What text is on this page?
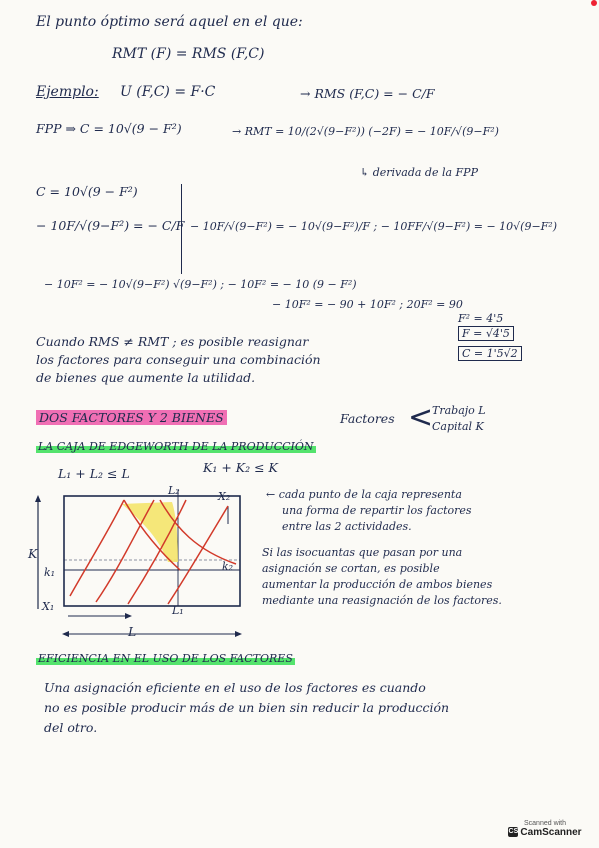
El punto óptimo será aquel en el que:
RMT (F) = RMS (F,C)
Ejemplo: U (F,C) = F·C	→ RMS (F,C) = − C/F
FPP ⇒ C = 10√(9 − F²)	→ RMT = 10/(2√(9−F²)) (−2F) = − 10F/√(9−F²)
↳ derivada de la FPP
C = 10√(9 − F²)
− 10F/√(9−F²) = − C/F − 10F/√(9−F²) = − 10√(9−F²)/F ; − 10FF/√(9−F²) = − 10√(9−F²)
− 10F² = − 10√(9−F²) √(9−F²) ; − 10F² = − 10 (9 − F²)
− 10F² = − 90 + 10F² ; 20F² = 90
F² = 4'5
F = √4'5
C = 1'5√2
Cuando RMS ≠ RMT ; es posible reasignar
los factores para conseguir una combinación
de bienes que aumente la utilidad.
DOS FACTORES Y 2 BIENES	Factores <
Trabajo L
Capital K
LA CAJA DE EDGEWORTH DE LA PRODUCCIÓN
L₁ + L₂ ≤ L	K₁ + K₂ ≤ K
L₂	X₂
K
k₁	k₂
X₁	L₁
L
← cada punto de la caja representa
una forma de repartir los factores
entre las 2 actividades.
Si las isocuantas que pasan por una
asignación se cortan, es posible
aumentar la producción de ambos bienes
mediante una reasignación de los factores.
EFICIENCIA EN EL USO DE LOS FACTORES
Una asignación eficiente en el uso de los factores es cuando
no es posible producir más de un bien sin reducir la producción
del otro.
Scanned with
CS CamScanner
